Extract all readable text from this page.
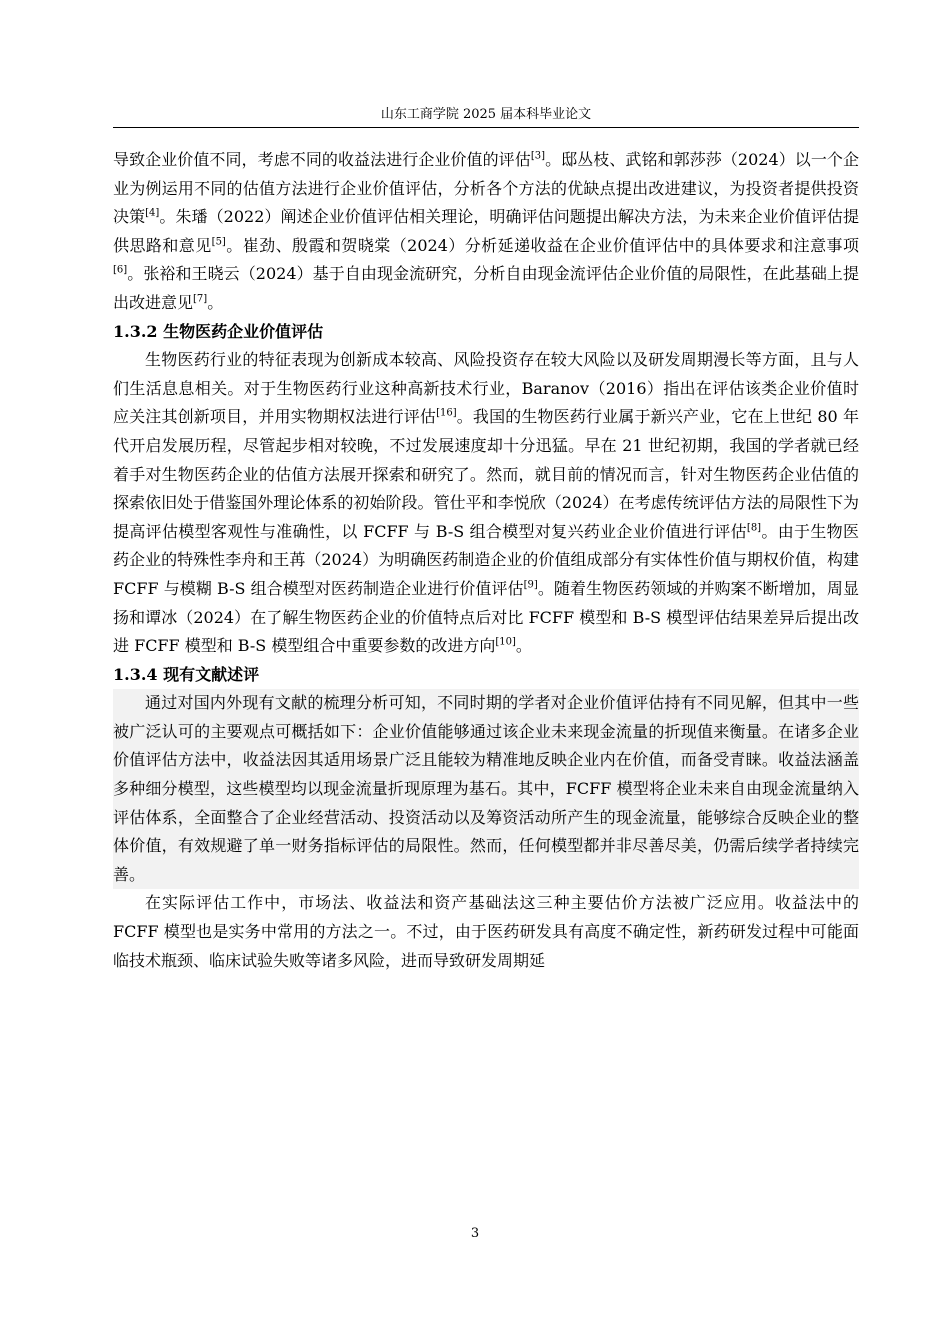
山东工商学院 2025 届本科毕业论文

导致企业价值不同，考虑不同的收益法进行企业价值的评估[3]。邸丛枝、武铭和郭莎莎（2024）以一个企业为例运用不同的估值方法进行企业价值评估，分析各个方法的优缺点提出改进建议，为投资者提供投资决策[4]。朱璠（2022）阐述企业价值评估相关理论，明确评估问题提出解决方法，为未来企业价值评估提供思路和意见[5]。崔劲、殷霞和贺晓棠（2024）分析延递收益在企业价值评估中的具体要求和注意事项[6]。张裕和王晓云（2024）基于自由现金流研究，分析自由现金流评估企业价值的局限性，在此基础上提出改进意见[7]。

1.3.2 生物医药企业价值评估

生物医药行业的特征表现为创新成本较高、风险投资存在较大风险以及研发周期漫长等方面，且与人们生活息息相关。对于生物医药行业这种高新技术行业，Baranov（2016）指出在评估该类企业价值时应关注其创新项目，并用实物期权法进行评估[16]。我国的生物医药行业属于新兴产业，它在上世纪 80 年代开启发展历程，尽管起步相对较晚，不过发展速度却十分迅猛。早在 21 世纪初期，我国的学者就已经着手对生物医药企业的估值方法展开探索和研究了。然而，就目前的情况而言，针对生物医药企业估值的探索依旧处于借鉴国外理论体系的初始阶段。管仕平和李悦欣（2024）在考虑传统评估方法的局限性下为提高评估模型客观性与准确性，以 FCFF 与 B-S 组合模型对复兴药业企业价值进行评估[8]。由于生物医药企业的特殊性李舟和王苒（2024）为明确医药制造企业的价值组成部分有实体性价值与期权价值，构建 FCFF 与模糊 B-S 组合模型对医药制造企业进行价值评估[9]。随着生物医药领域的并购案不断增加，周显扬和谭冰（2024）在了解生物医药企业的价值特点后对比 FCFF 模型和 B-S 模型评估结果差异后提出改进 FCFF 模型和 B-S 模型组合中重要参数的改进方向[10]。

1.3.4 现有文献述评

通过对国内外现有文献的梳理分析可知，不同时期的学者对企业价值评估持有不同见解，但其中一些被广泛认可的主要观点可概括如下：企业价值能够通过该企业未来现金流量的折现值来衡量。在诸多企业价值评估方法中，收益法因其适用场景广泛且能较为精准地反映企业内在价值，而备受青睐。收益法涵盖多种细分模型，这些模型均以现金流量折现原理为基石。其中，FCFF 模型将企业未来自由现金流量纳入评估体系，全面整合了企业经营活动、投资活动以及筹资活动所产生的现金流量，能够综合反映企业的整体价值，有效规避了单一财务指标评估的局限性。然而，任何模型都并非尽善尽美，仍需后续学者持续完善。

在实际评估工作中，市场法、收益法和资产基础法这三种主要估价方法被广泛应用。收益法中的 FCFF 模型也是实务中常用的方法之一。不过，由于医药研发具有高度不确定性，新药研发过程中可能面临技术瓶颈、临床试验失败等诸多风险，进而导致研发周期延

3
